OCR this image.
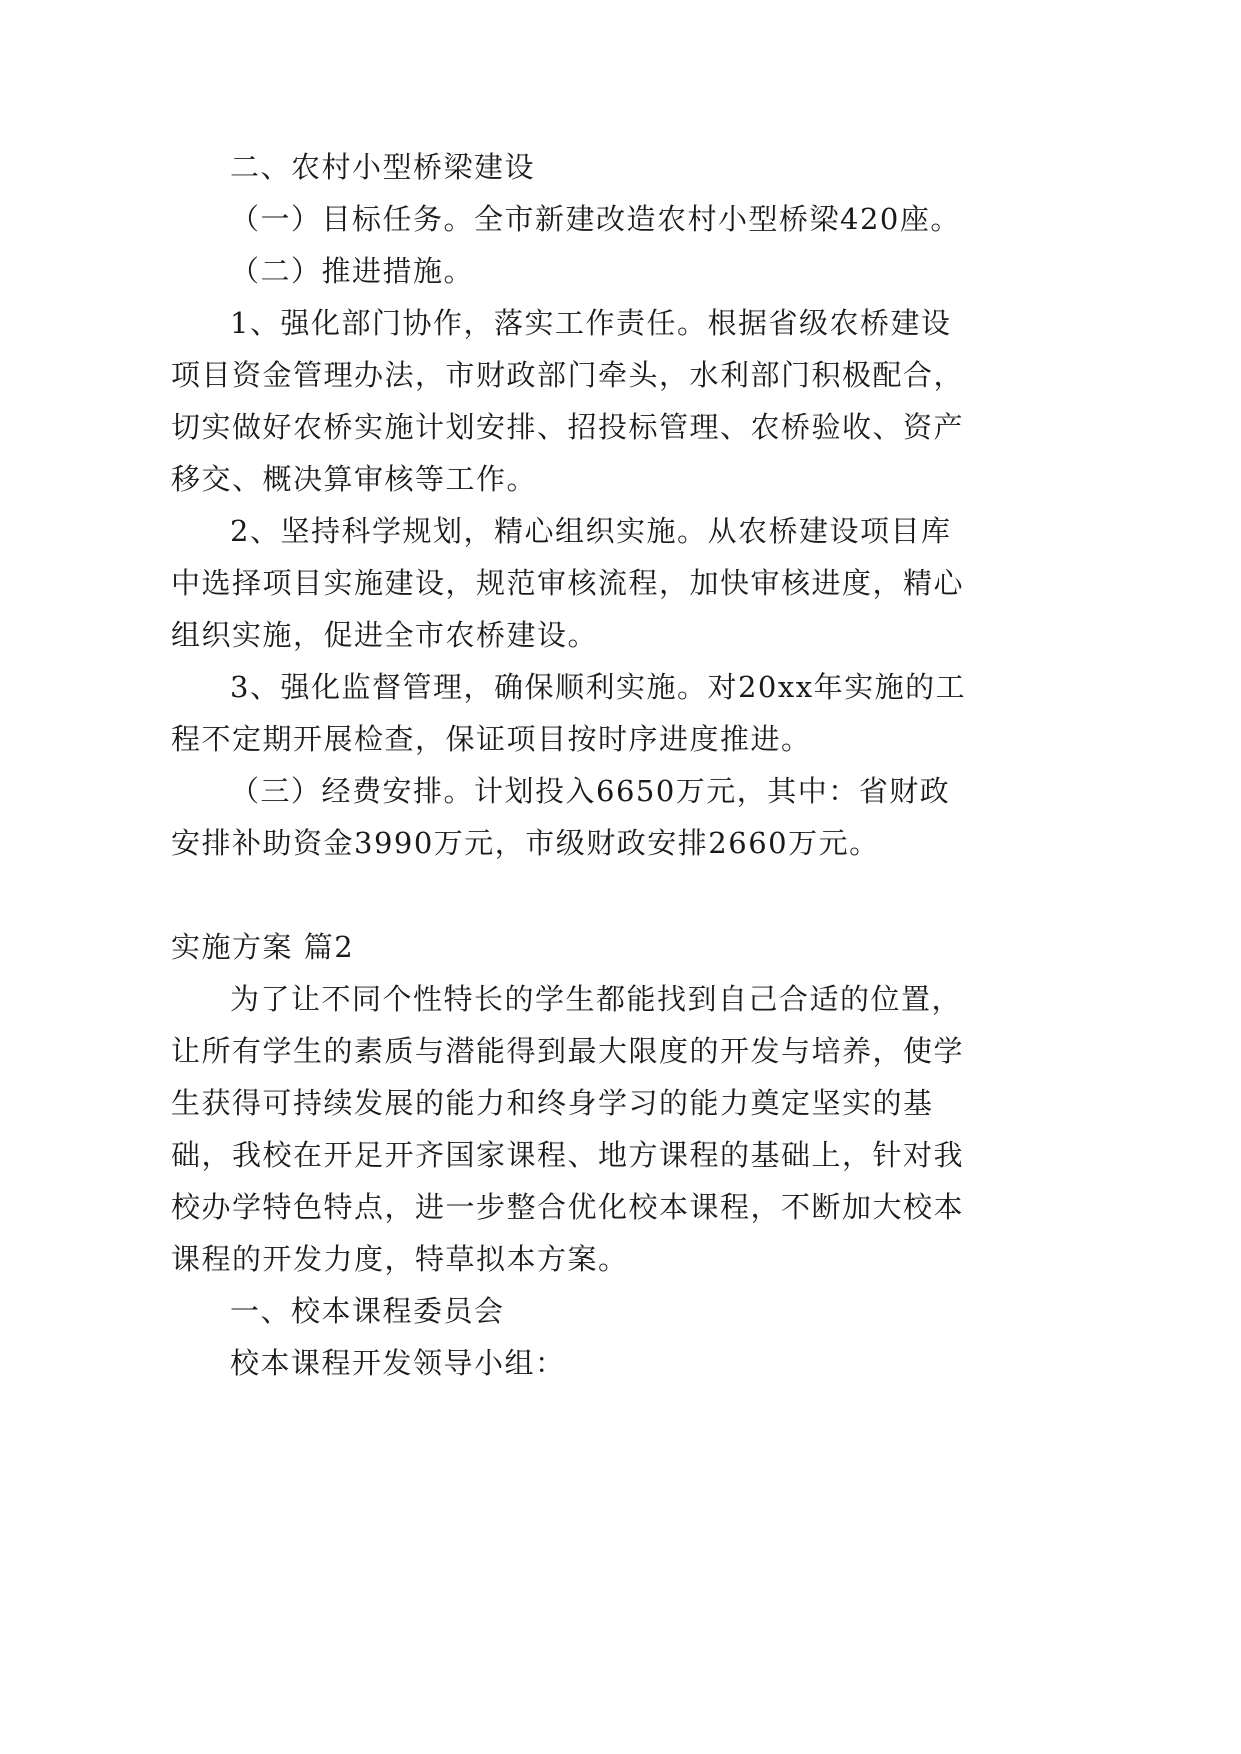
二、农村小型桥梁建设
（一）目标任务。全市新建改造农村小型桥梁420座。
（二）推进措施。
1、强化部门协作，落实工作责任。根据省级农桥建设
项目资金管理办法，市财政部门牵头，水利部门积极配合，
切实做好农桥实施计划安排、招投标管理、农桥验收、资产
移交、概决算审核等工作。
2、坚持科学规划，精心组织实施。从农桥建设项目库
中选择项目实施建设，规范审核流程，加快审核进度，精心
组织实施，促进全市农桥建设。
3、强化监督管理，确保顺利实施。对20xx年实施的工
程不定期开展检查，保证项目按时序进度推进。
（三）经费安排。计划投入6650万元，其中：省财政
安排补助资金3990万元，市级财政安排2660万元。
实施方案 篇2
为了让不同个性特长的学生都能找到自己合适的位置，
让所有学生的素质与潜能得到最大限度的开发与培养，使学
生获得可持续发展的能力和终身学习的能力奠定坚实的基
础，我校在开足开齐国家课程、地方课程的基础上，针对我
校办学特色特点，进一步整合优化校本课程，不断加大校本
课程的开发力度，特草拟本方案。
一、校本课程委员会
校本课程开发领导小组：
